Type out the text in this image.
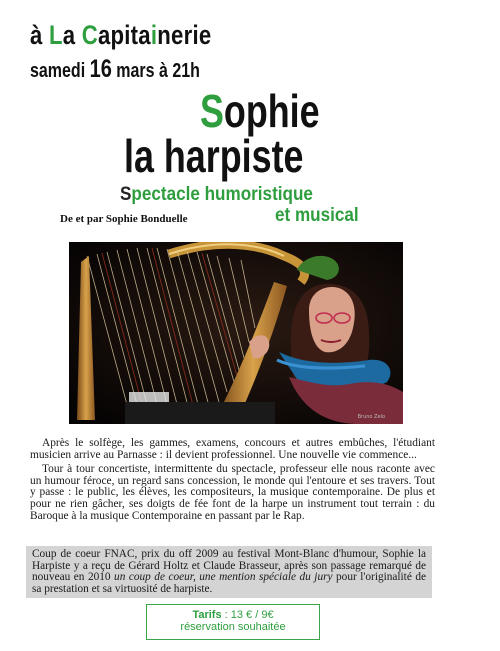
à La Capitainerie
samedi 16 mars à 21h
Sophie
la harpiste
Spectacle humoristique
et musical
De et par Sophie Bonduelle
Bruno Zelo

Après le solfège, les gammes, examens, concours et autres embûches, l'étudiant musicien arrive au Parnasse : il devient professionnel. Une nouvelle vie commence...

Tour à tour concertiste, intermittente du spectacle, professeur elle nous raconte avec un humour féroce, un regard sans concession, le monde qui l'entoure et ses travers. Tout y passe : le public, les élèves, les compositeurs, la musique contemporaine. De plus et pour ne rien gâcher, ses doigts de fée font de la harpe un instrument tout terrain : du Baroque à la musique Contemporaine en passant par le Rap.

Coup de coeur FNAC, prix du off 2009 au festival Mont-Blanc d'humour, Sophie la Harpiste y a reçu de Gérard Holtz et Claude Brasseur, après son passage remarqué de nouveau en 2010 un coup de coeur, une mention spéciale du jury pour l'originalité de sa prestation et sa virtuosité de harpiste.

Tarifs : 13 € / 9€
réservation souhaitée
